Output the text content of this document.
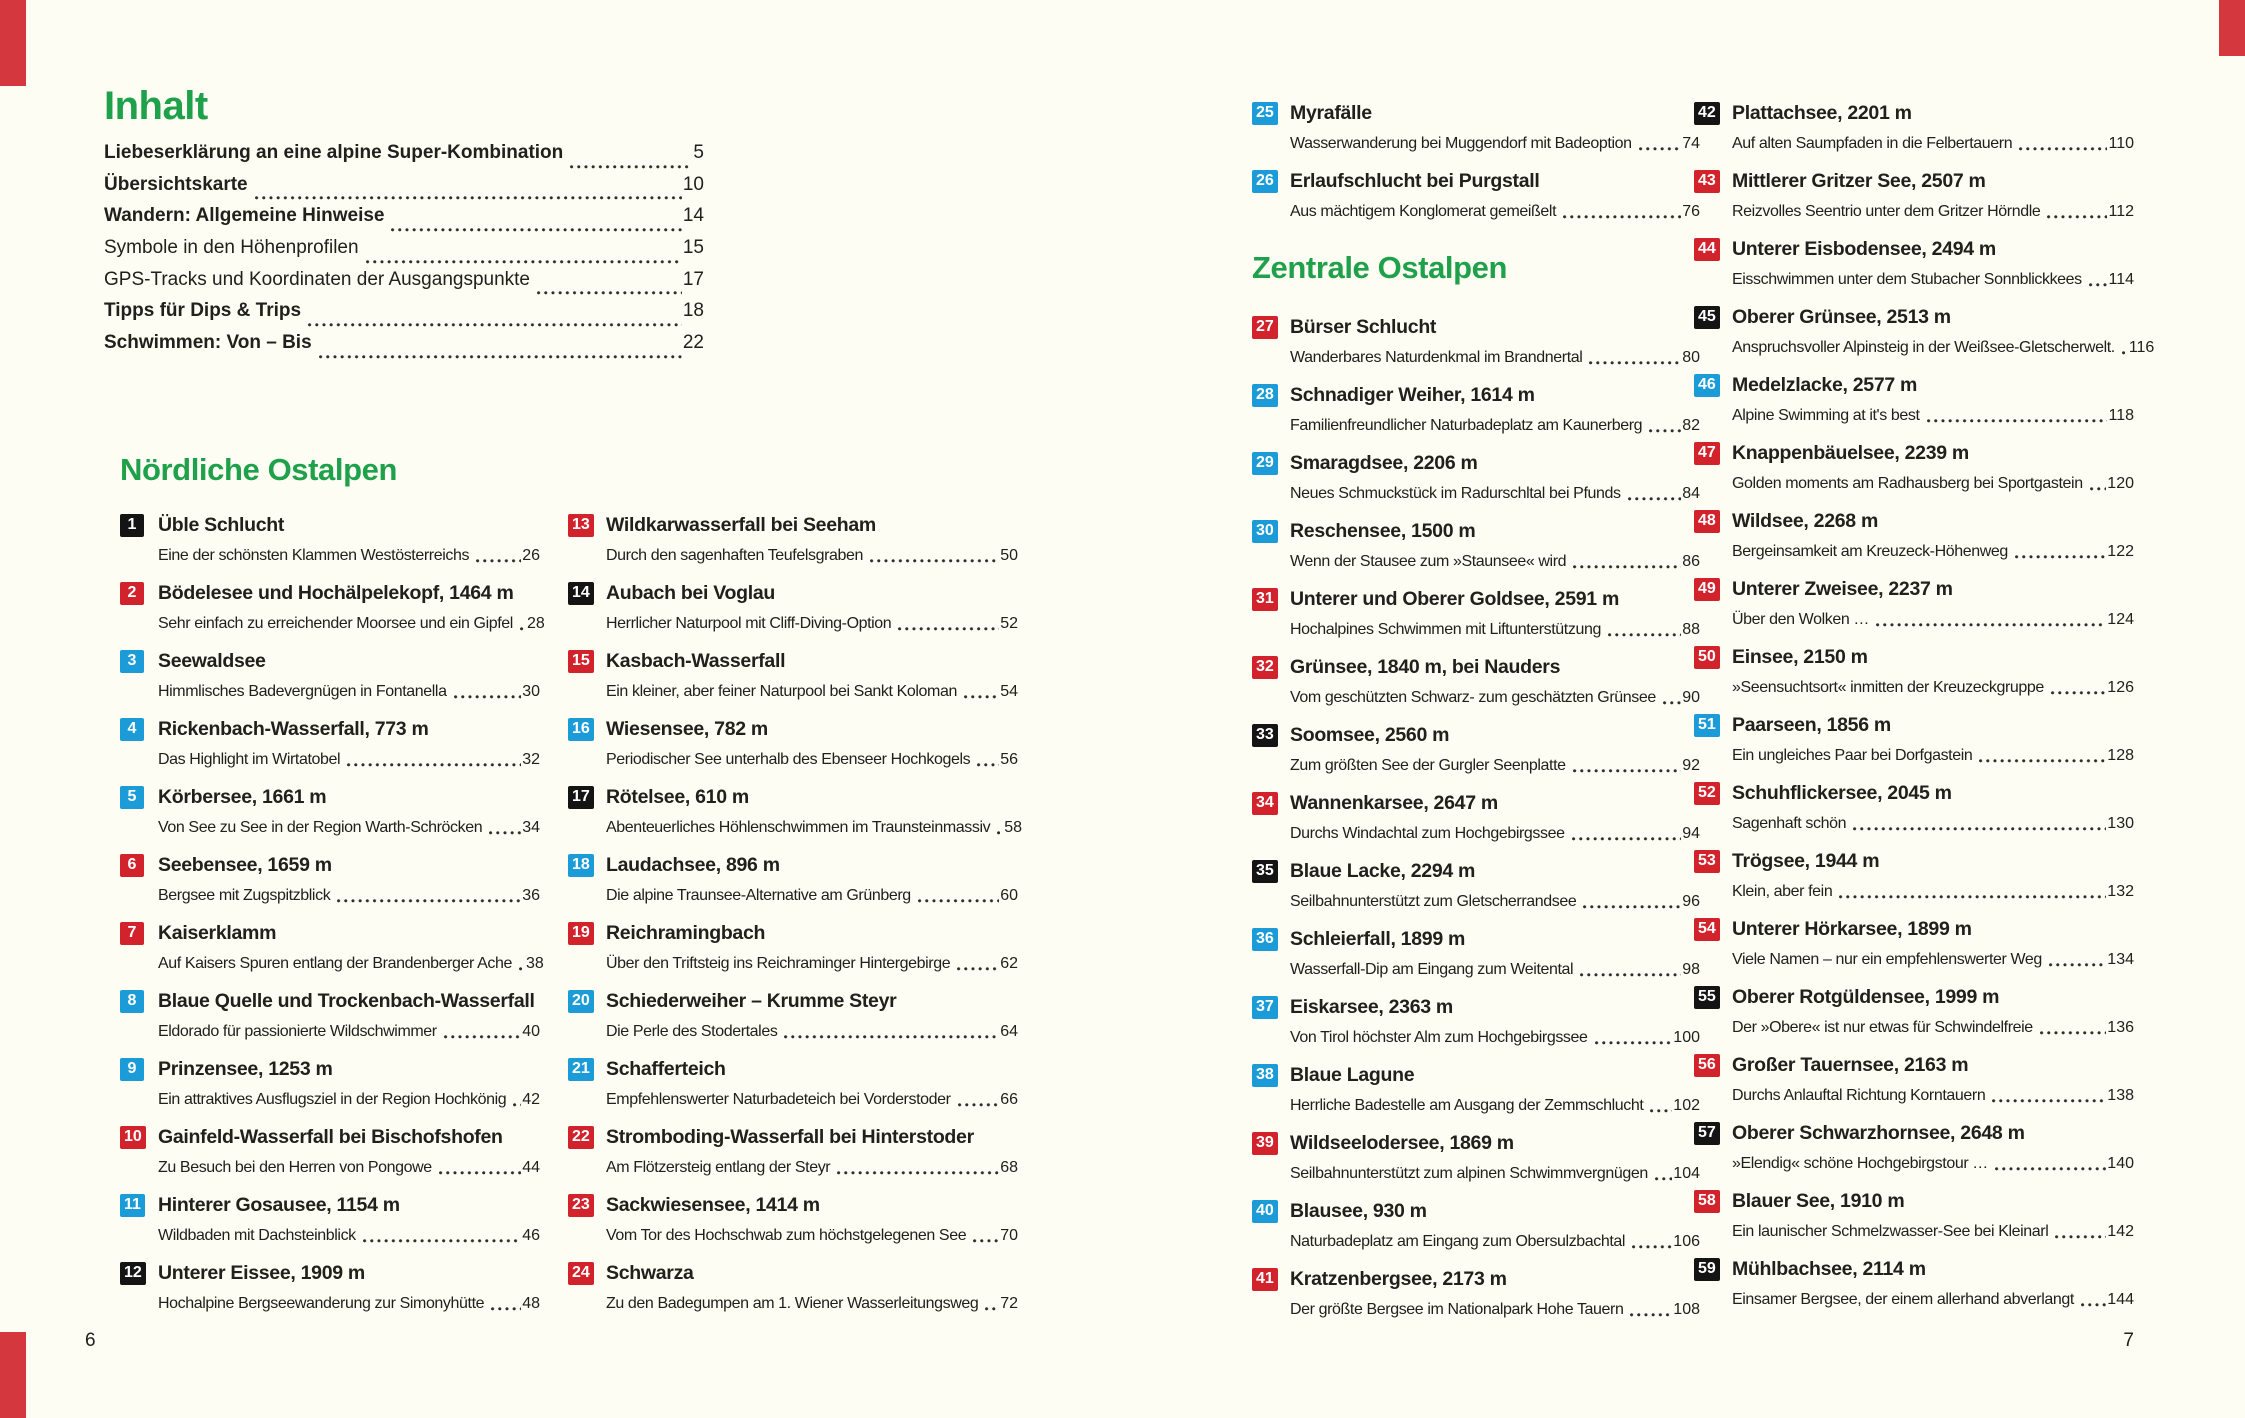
Inhalt
Liebeserklärung an eine alpine Super-Kombination	5
Übersichtskarte	10
Wandern: Allgemeine Hinweise	14
Symbole in den Höhenprofilen	15
GPS-Tracks und Koordinaten der Ausgangspunkte	17
Tipps für Dips & Trips	18
Schwimmen: Von – Bis	22
Nördliche Ostalpen
1	Üble Schlucht
Eine der schönsten Klammen Westösterreichs	26
2	Bödelesee und Hochälpelekopf, 1464 m
Sehr einfach zu erreichender Moorsee und ein Gipfel 28
3	Seewaldsee
Himmlisches Badevergnügen in Fontanella	30
4	Rickenbach-Wasserfall, 773 m
Das Highlight im Wirtatobel	32
5	Körbersee, 1661 m
Von See zu See in der Region Warth-Schröcken 34
6	Seebensee, 1659 m
Bergsee mit Zugspitzblick	36
7	Kaiserklamm
Auf Kaisers Spuren entlang der Brandenberger Ache 38
8	Blaue Quelle und Trockenbach-Wasserfall
Eldorado für passionierte Wildschwimmer	40
9	Prinzensee, 1253 m
Ein attraktives Ausflugsziel in der Region Hochkönig 42
10 Gainfeld-Wasserfall bei Bischofshofen
Zu Besuch bei den Herren von Pongowe	44
11 Hinterer Gosausee, 1154 m
Wildbaden mit Dachsteinblick	46
12 Unterer Eissee, 1909 m
Hochalpine Bergseewanderung zur Simonyhütte 48
13 Wildkarwasserfall bei Seeham
Durch den sagenhaften Teufelsgraben	50
14 Aubach bei Voglau
Herrlicher Naturpool mit Cliff-Diving-Option	52
15 Kasbach-Wasserfall
Ein kleiner, aber feiner Naturpool bei Sankt Koloman	54
16 Wiesensee, 782 m
Periodischer See unterhalb des Ebenseer Hochkogels 56
17 Rötelsee, 610 m
Abenteuerliches Höhlenschwimmen im Traunsteinmassiv 58
18 Laudachsee, 896 m
Die alpine Traunsee-Alternative am Grünberg	60
19 Reichramingbach
Über den Triftsteig ins Reichraminger Hintergebirge	62
20 Schiederweiher – Krumme Steyr
Die Perle des Stodertales	64
21 Schafferteich
Empfehlenswerter Naturbadeteich bei Vorderstoder	66
22 Stromboding-Wasserfall bei Hinterstoder
Am Flötzersteig entlang der Steyr	68
23 Sackwiesensee, 1414 m
Vom Tor des Hochschwab zum höchstgelegenen See 70
24 Schwarza
Zu den Badegumpen am 1. Wiener Wasserleitungsweg 72
6
25 Myrafälle
Wasserwanderung bei Muggendorf mit Badeoption	74
26 Erlaufschlucht bei Purgstall
Aus mächtigem Konglomerat gemeißelt	76
Zentrale Ostalpen
27 Bürser Schlucht
Wanderbares Naturdenkmal im Brandnertal	80
28 Schnadiger Weiher, 1614 m
Familienfreundlicher Naturbadeplatz am Kaunerberg	82
29 Smaragdsee, 2206 m
Neues Schmuckstück im Radurschltal bei Pfunds	84
30 Reschensee, 1500 m
Wenn der Stausee zum »Staunsee« wird	86
31 Unterer und Oberer Goldsee, 2591 m
Hochalpines Schwimmen mit Liftunterstützung	88
32 Grünsee, 1840 m, bei Nauders
Vom geschützten Schwarz- zum geschätzten Grünsee 90
33 Soomsee, 2560 m
Zum größten See der Gurgler Seenplatte	92
34 Wannenkarsee, 2647 m
Durchs Windachtal zum Hochgebirgssee	94
35 Blaue Lacke, 2294 m
Seilbahnunterstützt zum Gletscherrandsee	96
36 Schleierfall, 1899 m
Wasserfall-Dip am Eingang zum Weitental	98
37 Eiskarsee, 2363 m
Von Tirol höchster Alm zum Hochgebirgssee	100
38 Blaue Lagune
Herrliche Badestelle am Ausgang der Zemmschlucht 102
39 Wildseelodersee, 1869 m
Seilbahnunterstützt zum alpinen Schwimmvergnügen 104
40 Blausee, 930 m
Naturbadeplatz am Eingang zum Obersulzbachtal	106
41 Kratzenbergsee, 2173 m
Der größte Bergsee im Nationalpark Hohe Tauern	108
42 Plattachsee, 2201 m
Auf alten Saumpfaden in die Felbertauern	110
43 Mittlerer Gritzer See, 2507 m
Reizvolles Seentrio unter dem Gritzer Hörndle	112
44 Unterer Eisbodensee, 2494 m
Eisschwimmen unter dem Stubacher Sonnblickkees 114
45 Oberer Grünsee, 2513 m
Anspruchsvoller Alpinsteig in der Weißsee-Gletscherwelt. 116
46 Medelzlacke, 2577 m
Alpine Swimming at it's best	118
47 Knappenbäuelsee, 2239 m
Golden moments am Radhausberg bei Sportgastein 120
48 Wildsee, 2268 m
Bergeinsamkeit am Kreuzeck-Höhenweg	122
49 Unterer Zweisee, 2237 m
Über den Wolken …	124
50 Einsee, 2150 m
»Seensuchtsort« inmitten der Kreuzeckgruppe	126
51 Paarseen, 1856 m
Ein ungleiches Paar bei Dorfgastein	128
52 Schuhflickersee, 2045 m
Sagenhaft schön	130
53 Trögsee, 1944 m
Klein, aber fein	132
54 Unterer Hörkarsee, 1899 m
Viele Namen – nur ein empfehlenswerter Weg	134
55 Oberer Rotgüldensee, 1999 m
Der »Obere« ist nur etwas für Schwindelfreie	136
56 Großer Tauernsee, 2163 m
Durchs Anlauftal Richtung Korntauern	138
57 Oberer Schwarzhornsee, 2648 m
»Elendig« schöne Hochgebirgstour …	140
58 Blauer See, 1910 m
Ein launischer Schmelzwasser-See bei Kleinarl	142
59 Mühlbachsee, 2114 m
Einsamer Bergsee, der einem allerhand abverlangt 144
7
